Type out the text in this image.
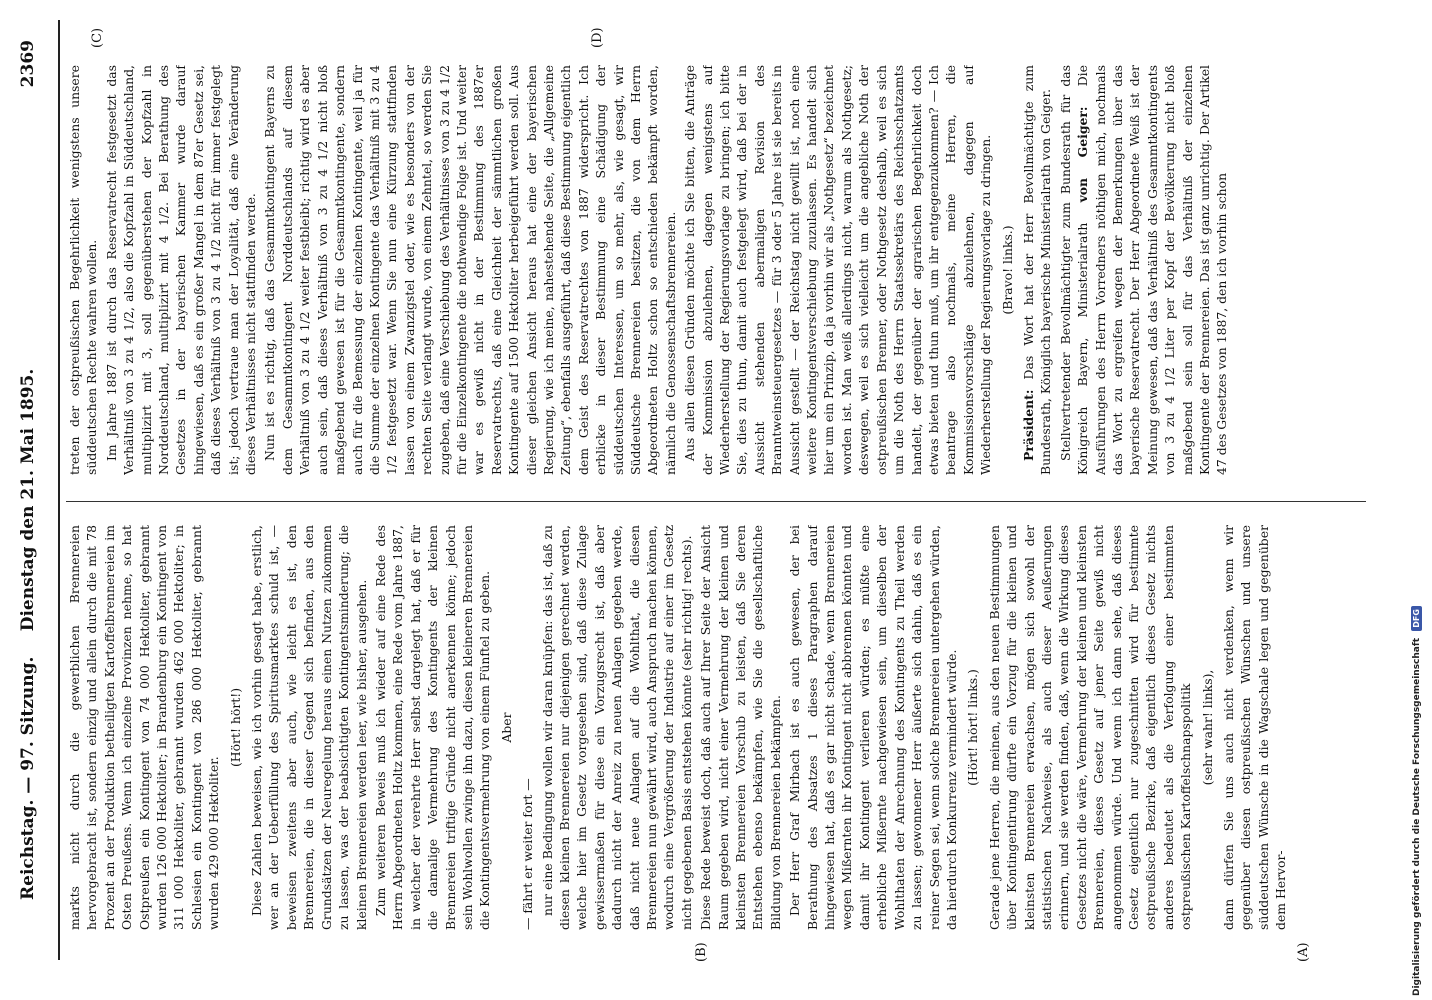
Reichstag. — 97. Sitzung.
Dienstag den 21. Mai 1895.
2369
(A)
(B)
(C)	(D)

markts nicht durch die gewerblichen Brennereien hervorgebracht ist, sondern einzig und allein durch die mit 78 Prozent an der Produktion betheiligten Kartoffelbrennereien im Osten Preußens. Wenn ich einzelne Provinzen nehme, so hat Ostpreußen ein Kontingent von 74 000 Hektoliter, gebrannt wurden 126 000 Hektoliter; in Brandenburg ein Kontingent von 311 000 Hektoliter, gebrannt wurden 462 000 Hektoliter; in Schlesien ein Kontingent von 286 000 Hektoliter, gebrannt wurden 429 000 Hektoliter.

(Hört! hört!) Diese Zahlen beweisen, wie ich vorhin gesagt habe, erstlich, wer an der Ueberfüllung des Spiritusmarktes schuld ist, — beweisen zweitens aber auch, wie leicht es ist, den Brennereien, die in dieser Gegend sich befinden, aus den Grundsätzen der Neuregelung heraus einen Nutzen zukommen zu lassen, was der beabsichtigten Kontingentsminderung; die kleinen Brennereien werden leer, wie bisher, ausgehen. Zum weiteren Beweis muß ich wieder auf eine Rede des Herrn Abgeordneten Holtz kommen, eine Rede vom Jahre 1887, in welcher der verehrte Herr selbst dargelegt hat, daß er für die damalige Vermehrung des Kontingents der kleinen Brennereien triftige Gründe nicht anerkennen könne; jedoch sein Wohlwollen zwinge ihn dazu, diesen kleineren Brennereien die Kontingentsvermehrung von einem Fünftel zu geben. Aber

— fährt er weiter fort — nur eine Bedingung wollen wir daran knüpfen: das ist, daß zu diesen kleinen Brennereien nur diejenigen gerechnet werden, welche hier im Gesetz vorgesehen sind, daß diese Zulage gewissermaßen für diese ein Vorzugsrecht ist, daß aber dadurch nicht der Anreiz zu neuen Anlagen gegeben werde, daß nicht neue Anlagen auf die Wohlthat, die diesen Brennereien nun gewährt wird, auch Anspruch machen können, wodurch eine Vergrößerung der Industrie auf einer im Gesetz nicht gegebenen Basis entstehen könnte (sehr richtig! rechts). Diese Rede beweist doch, daß auch auf Ihrer Seite der Ansicht Raum gegeben wird, nicht einer Vermehrung der kleinen und kleinsten Brennereien Vorschub zu leisten, daß Sie deren Entstehen ebenso bekämpfen, wie Sie die gesellschaftliche Bildung von Brennereien bekämpfen. Der Herr Graf Mirbach ist es auch gewesen, der bei Berathung des Absatzes 1 dieses Paragraphen darauf hingewiesen hat, daß es gar nicht schade, wenn Brennereien wegen Mißernten ihr Kontingent nicht abbrennen könnten und damit ihr Kontingent verlieren würden; es müßte eine erhebliche Mißernte nachgewiesen sein, um dieselben der Wohlthaten der Anrechnung des Kontingents zu Theil werden zu lassen; gewonnener Herr äußerte sich dahin, daß es ein reiner Segen sei, wenn solche Brennereien untergehen würden, da hierdurch Konkurrenz vermindert würde. (Hört! hört! links.) Gerade jene Herren, die meinen, aus den neuen Bestimmungen über Kontingentirung dürfte ein Vorzug für die kleinen und kleinsten Brennereien erwachsen, mögen sich sowohl der statistischen Nachweise, als auch dieser Aeußerungen erinnern, und sie werden finden, daß, wenn die Wirkung dieses Gesetzes nicht die wäre, Vermehrung der kleinen und kleinsten Brennereien, dieses Gesetz auf jener Seite gewiß nicht angenommen würde. Und wenn ich dann sehe, daß dieses Gesetz eigentlich nur zugeschnitten wird für bestimmte ostpreußische Bezirke, daß eigentlich dieses Gesetz nichts anderes bedeutet als die Verfolgung einer bestimmten ostpreußischen Kartoffelschnapspolitik (sehr wahr! links), dann dürfen Sie uns auch nicht verdenken, wenn wir gegenüber diesen ostpreußischen Wünschen und unsere süddeutschen Wünsche in die Wagschale legen und gegenüber dem Hervor-

treten der ostpreußischen Begehrlichkeit wenigstens unsere süddeutschen Rechte wahren wollen. Im Jahre 1887 ist durch das Reservatrecht festgesetzt das Verhältniß von 3 zu 4 1/2, also die Kopfzahl in Süddeutschland, multiplizirt mit 3, soll gegenüberstehen der Kopfzahl in Norddeutschland, multiplizirt mit 4 1/2. Bei Berathung des Gesetzes in der bayerischen Kammer wurde darauf hingewiesen, daß es ein großer Mangel in dem 87er Gesetz sei, daß dieses Verhältniß von 3 zu 4 1/2 nicht für immer festgelegt ist; jedoch vertraue man der Loyalität, daß eine Veränderung dieses Verhältnisses nicht stattfinden werde. Nun ist es richtig, daß das Gesammtkontingent Bayerns zu dem Gesammtkontingent Norddeutschlands auf diesem Verhältniß von 3 zu 4 1/2 weiter festbleibt; richtig wird es aber auch sein, daß dieses Verhältniß von 3 zu 4 1/2 nicht bloß maßgebend gewesen ist für die Gesammtkontingente, sondern auch für die Bemessung der einzelnen Kontingente, weil ja für die Summe der einzelnen Kontingente das Verhältniß mit 3 zu 4 1/2 festgesetzt war. Wenn Sie nun eine Kürzung stattfinden lassen von einem Zwanzigstel oder, wie es besonders von der rechten Seite verlangt wurde, von einem Zehntel, so werden Sie zugeben, daß eine Verschiebung des Verhältnisses von 3 zu 4 1/2 für die Einzelkontingente die nothwendige Folge ist. Und weiter war es gewiß nicht in der Bestimmung des 1887er Reservatrechts, daß eine Gleichheit der sämmtlichen großen Kontingente auf 1500 Hektoliter herbeigeführt werden soll. Aus dieser gleichen Ansicht heraus hat eine der bayerischen Regierung, wie ich meine, nahestehende Seite, die „Allgemeine Zeitung“, ebenfalls ausgeführt, daß diese Bestimmung eigentlich dem Geist des Reservatrechtes von 1887 widerspricht. Ich erblicke in dieser Bestimmung eine Schädigung der süddeutschen Interessen, um so mehr, als, wie gesagt, wir Süddeutsche Brennereien besitzen, die von dem Herrn Abgeordneten Holtz schon so entschieden bekämpft worden, nämlich die Genossenschaftsbrennereien. Aus allen diesen Gründen möchte ich Sie bitten, die Anträge der Kommission abzulehnen, dagegen wenigstens auf Wiederherstellung der Regierungsvorlage zu bringen; ich bitte Sie, dies zu thun, damit auch festgelegt wird, daß bei der in Aussicht stehenden abermaligen Revision des Branntweinsteuergesetzes — für 3 oder 5 Jahre ist sie bereits in Aussicht gestellt — der Reichstag nicht gewillt ist, noch eine weitere Kontingentsverschiebung zuzulassen. Es handelt sich hier um ein Prinzip, da ja vorhin wir als „Nothgesetz“ bezeichnet worden ist. Man weiß allerdings nicht, warum als Nothgesetz; deswegen, weil es sich vielleicht um die angebliche Noth der ostpreußischen Brenner, oder Nothgesetz deshalb, weil es sich um die Noth des Herrn Staatssekretärs des Reichsschatzamts handelt, der gegenüber der agrarischen Begehrlichkeit doch etwas bieten und thun muß, um ihr entgegenzukommen? — Ich beantrage also nochmals, meine Herren, die Kommissionsvorschläge abzulehnen, dagegen auf Wiederherstellung der Regierungsvorlage zu dringen. (Bravo! links.)

Präsident: Das Wort hat der Herr Bevollmächtigte zum Bundesrath, Königlich bayerische Ministerialrath von Geiger. Stellvertretender Bevollmächtigter zum Bundesrath für das Königreich Bayern, Ministerialrath von Geiger: Die Ausführungen des Herrn Vorredners nöthigen mich, nochmals das Wort zu ergreifen wegen der Bemerkungen über das bayerische Reservatrecht. Der Herr Abgeordnete Weiß ist der Meinung gewesen, daß das Verhältniß des Gesammtkontingents von 3 zu 4 1/2 Liter per Kopf der Bevölkerung nicht bloß maßgebend sein soll für das Verhältniß der einzelnen Kontingente der Brennereien. Das ist ganz unrichtig. Der Artikel 47 des Gesetzes von 1887, den ich vorhin schon

Digitalisierung gefördert durch die Deutsche Forschungsgemeinschaft DFG
